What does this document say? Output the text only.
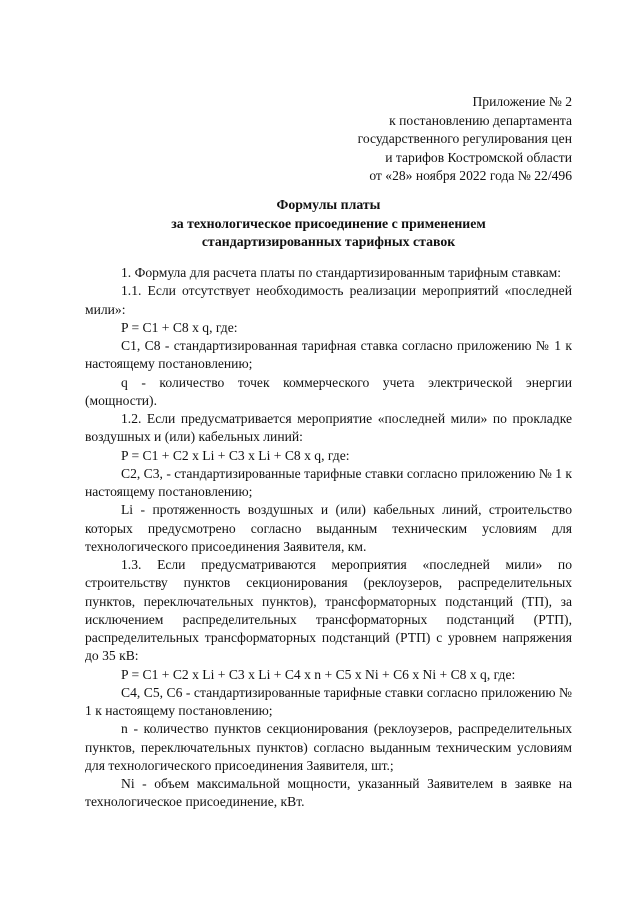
Приложение № 2
к постановлению департамента
государственного регулирования цен
и тарифов Костромской области
от «28» ноября 2022 года № 22/496
Формулы платы
за технологическое присоединение с применением
стандартизированных тарифных ставок

1. Формула для расчета платы по стандартизированным тарифным ставкам:

1.1. Если отсутствует необходимость реализации мероприятий «последней мили»:

P = C1 + C8 x q, где:

C1, C8 - стандартизированная тарифная ставка согласно приложению № 1 к настоящему постановлению;

q - количество точек коммерческого учета электрической энергии (мощности).

1.2. Если предусматривается мероприятие «последней мили» по прокладке воздушных и (или) кабельных линий:

P = C1 + C2 x Li + C3 x Li + C8 x q, где:

C2, C3, - стандартизированные тарифные ставки согласно приложению № 1 к настоящему постановлению;

Li - протяженность воздушных и (или) кабельных линий, строительство которых предусмотрено согласно выданным техническим условиям для технологического присоединения Заявителя, км.

1.3. Если предусматриваются мероприятия «последней мили» по строительству пунктов секционирования (реклоузеров, распределительных пунктов, переключательных пунктов), трансформаторных подстанций (ТП), за исключением распределительных трансформаторных подстанций (РТП), распределительных трансформаторных подстанций (РТП) с уровнем напряжения до 35 кВ:

P = C1 + C2 x Li + C3 x Li + C4 x n + C5 x Ni + C6 x Ni + C8 x q, где:

C4, C5, C6 - стандартизированные тарифные ставки согласно приложению № 1 к настоящему постановлению;

n - количество пунктов секционирования (реклоузеров, распределительных пунктов, переключательных пунктов) согласно выданным техническим условиям для технологического присоединения Заявителя, шт.;

Ni - объем максимальной мощности, указанный Заявителем в заявке на технологическое присоединение, кВт.
